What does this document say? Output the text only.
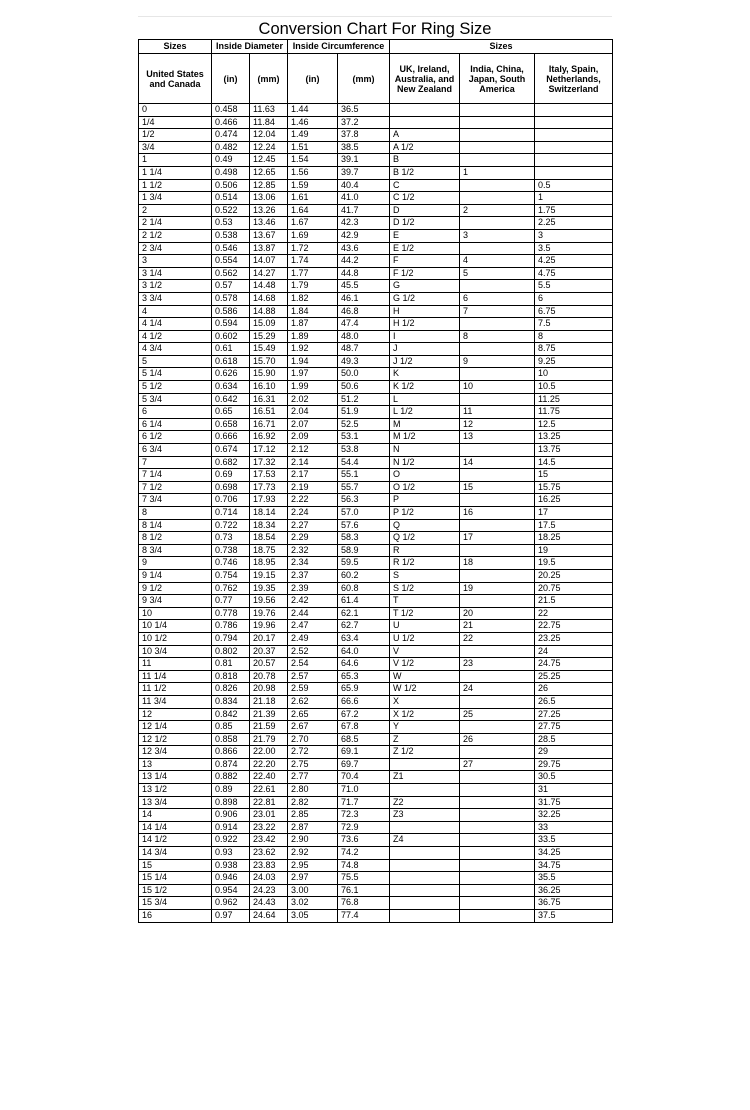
Conversion Chart For Ring Size
Sizes	Inside Diameter		Inside Circumference		Sizes		
United States and Canada	(in)	(mm)	(in)	(mm)	UK, Ireland, Australia, and New Zealand	India, China, Japan, South America	Italy, Spain, Netherlands, Switzerland
0	0.458	11.63	1.44	36.5			
1/4	0.466	11.84	1.46	37.2			
1/2	0.474	12.04	1.49	37.8	A		
3/4	0.482	12.24	1.51	38.5	A 1/2		
1	0.49	12.45	1.54	39.1	B		
1 1/4	0.498	12.65	1.56	39.7	B 1/2	1	
1 1/2	0.506	12.85	1.59	40.4	C		0.5
1 3/4	0.514	13.06	1.61	41.0	C 1/2		1
2	0.522	13.26	1.64	41.7	D	2	1.75
2 1/4	0.53	13.46	1.67	42.3	D 1/2		2.25
2 1/2	0.538	13.67	1.69	42.9	E	3	3
2 3/4	0.546	13.87	1.72	43.6	E 1/2		3.5
3	0.554	14.07	1.74	44.2	F	4	4.25
3 1/4	0.562	14.27	1.77	44.8	F 1/2	5	4.75
3 1/2	0.57	14.48	1.79	45.5	G		5.5
3 3/4	0.578	14.68	1.82	46.1	G 1/2	6	6
4	0.586	14.88	1.84	46.8	H	7	6.75
4 1/4	0.594	15.09	1.87	47.4	H 1/2		7.5
4 1/2	0.602	15.29	1.89	48.0	I	8	8
4 3/4	0.61	15.49	1.92	48.7	J		8.75
5	0.618	15.70	1.94	49.3	J 1/2	9	9.25
5 1/4	0.626	15.90	1.97	50.0	K		10
5 1/2	0.634	16.10	1.99	50.6	K 1/2	10	10.5
5 3/4	0.642	16.31	2.02	51.2	L		11.25
6	0.65	16.51	2.04	51.9	L 1/2	11	11.75
6 1/4	0.658	16.71	2.07	52.5	M	12	12.5
6 1/2	0.666	16.92	2.09	53.1	M 1/2	13	13.25
6 3/4	0.674	17.12	2.12	53.8	N		13.75
7	0.682	17.32	2.14	54.4	N 1/2	14	14.5
7 1/4	0.69	17.53	2.17	55.1	O		15
7 1/2	0.698	17.73	2.19	55.7	O 1/2	15	15.75
7 3/4	0.706	17.93	2.22	56.3	P		16.25
8	0.714	18.14	2.24	57.0	P 1/2	16	17
8 1/4	0.722	18.34	2.27	57.6	Q		17.5
8 1/2	0.73	18.54	2.29	58.3	Q 1/2	17	18.25
8 3/4	0.738	18.75	2.32	58.9	R		19
9	0.746	18.95	2.34	59.5	R 1/2	18	19.5
9 1/4	0.754	19.15	2.37	60.2	S		20.25
9 1/2	0.762	19.35	2.39	60.8	S 1/2	19	20.75
9 3/4	0.77	19.56	2.42	61.4	T		21.5
10	0.778	19.76	2.44	62.1	T 1/2	20	22
10 1/4	0.786	19.96	2.47	62.7	U	21	22.75
10 1/2	0.794	20.17	2.49	63.4	U 1/2	22	23.25
10 3/4	0.802	20.37	2.52	64.0	V		24
11	0.81	20.57	2.54	64.6	V 1/2	23	24.75
11 1/4	0.818	20.78	2.57	65.3	W		25.25
11 1/2	0.826	20.98	2.59	65.9	W 1/2	24	26
11 3/4	0.834	21.18	2.62	66.6	X		26.5
12	0.842	21.39	2.65	67.2	X 1/2	25	27.25
12 1/4	0.85	21.59	2.67	67.8	Y		27.75
12 1/2	0.858	21.79	2.70	68.5	Z	26	28.5
12 3/4	0.866	22.00	2.72	69.1	Z 1/2		29
13	0.874	22.20	2.75	69.7		27	29.75
13 1/4	0.882	22.40	2.77	70.4	Z1		30.5
13 1/2	0.89	22.61	2.80	71.0			31
13 3/4	0.898	22.81	2.82	71.7	Z2		31.75
14	0.906	23.01	2.85	72.3	Z3		32.25
14 1/4	0.914	23.22	2.87	72.9			33
14 1/2	0.922	23.42	2.90	73.6	Z4		33.5
14 3/4	0.93	23.62	2.92	74.2			34.25
15	0.938	23.83	2.95	74.8			34.75
15 1/4	0.946	24.03	2.97	75.5			35.5
15 1/2	0.954	24.23	3.00	76.1			36.25
15 3/4	0.962	24.43	3.02	76.8			36.75
16	0.97	24.64	3.05	77.4			37.5
